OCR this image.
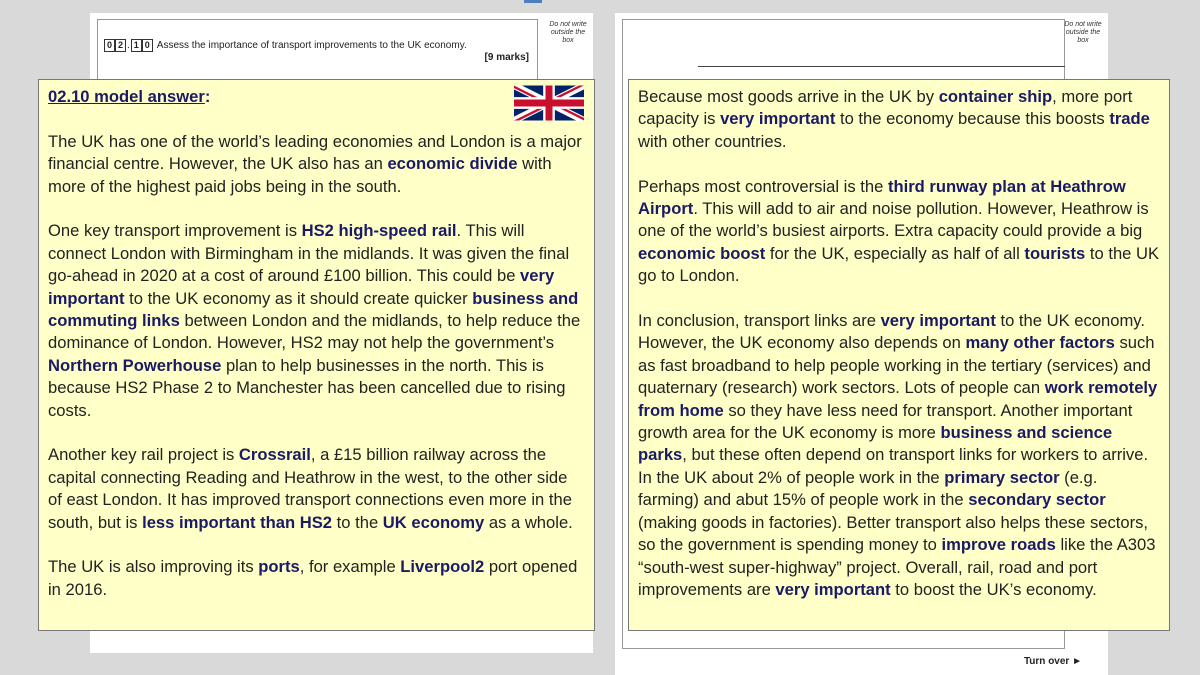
0 2 . 1 0 Assess the importance of transport improvements to the UK economy.
[9 marks]
Do not write outside the box
Do not write outside the box
Turn over ►

02.10 model answer:

The UK has one of the world’s leading economies and London is a major financial centre. However, the UK also has an economic divide with more of the highest paid jobs being in the south.

One key transport improvement is HS2 high-speed rail. This will connect London with Birmingham in the midlands. It was given the final go-ahead in 2020 at a cost of around £100 billion. This could be very important to the UK economy as it should create quicker business and commuting links between London and the midlands, to help reduce the dominance of London. However, HS2 may not help the government’s Northern Powerhouse plan to help businesses in the north. This is because HS2 Phase 2 to Manchester has been cancelled due to rising costs.

Another key rail project is Crossrail, a £15 billion railway across the capital connecting Reading and Heathrow in the west, to the other side of east London. It has improved transport connections even more in the south, but is less important than HS2 to the UK economy as a whole.

The UK is also improving its ports, for example Liverpool2 port opened in 2016.

Because most goods arrive in the UK by container ship, more port capacity is very important to the economy because this boosts trade with other countries.

Perhaps most controversial is the third runway plan at Heathrow Airport. This will add to air and noise pollution. However, Heathrow is one of the world’s busiest airports. Extra capacity could provide a big economic boost for the UK, especially as half of all tourists to the UK go to London.

In conclusion, transport links are very important to the UK economy. However, the UK economy also depends on many other factors such as fast broadband to help people working in the tertiary (services) and quaternary (research) work sectors. Lots of people can work remotely from home so they have less need for transport. Another important growth area for the UK economy is more business and science parks, but these often depend on transport links for workers to arrive. In the UK about 2% of people work in the primary sector (e.g. farming) and abut 15% of people work in the secondary sector (making goods in factories). Better transport also helps these sectors, so the government is spending money to improve roads like the A303 “south-west super-highway” project. Overall, rail, road and port improvements are very important to boost the UK’s economy.
